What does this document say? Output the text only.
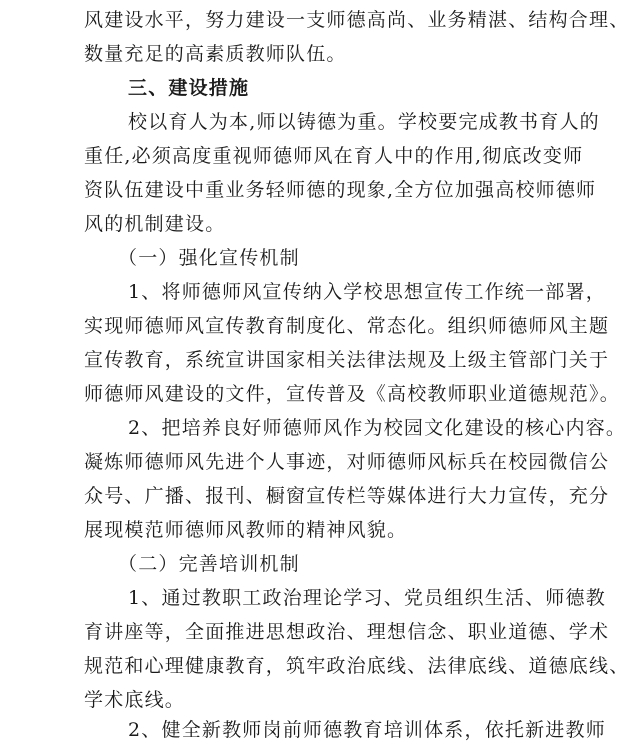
风建设水平，努力建设一支师德高尚、业务精湛、结构合理、
数量充足的高素质教师队伍。
三、建设措施
校以育人为本,师以铸德为重。学校要完成教书育人的
重任,必须高度重视师德师风在育人中的作用,彻底改变师
资队伍建设中重业务轻师德的现象,全方位加强高校师德师
风的机制建设。
（一）强化宣传机制
1、将师德师风宣传纳入学校思想宣传工作统一部署，
实现师德师风宣传教育制度化、常态化。组织师德师风主题
宣传教育，系统宣讲国家相关法律法规及上级主管部门关于
师德师风建设的文件，宣传普及《高校教师职业道德规范》。
2、把培养良好师德师风作为校园文化建设的核心内容。
凝炼师德师风先进个人事迹，对师德师风标兵在校园微信公
众号、广播、报刊、橱窗宣传栏等媒体进行大力宣传，充分
展现模范师德师风教师的精神风貌。
（二）完善培训机制
1、通过教职工政治理论学习、党员组织生活、师德教
育讲座等，全面推进思想政治、理想信念、职业道德、学术
规范和心理健康教育，筑牢政治底线、法律底线、道德底线、
学术底线。
2、健全新教师岗前师德教育培训体系，依托新进教师
